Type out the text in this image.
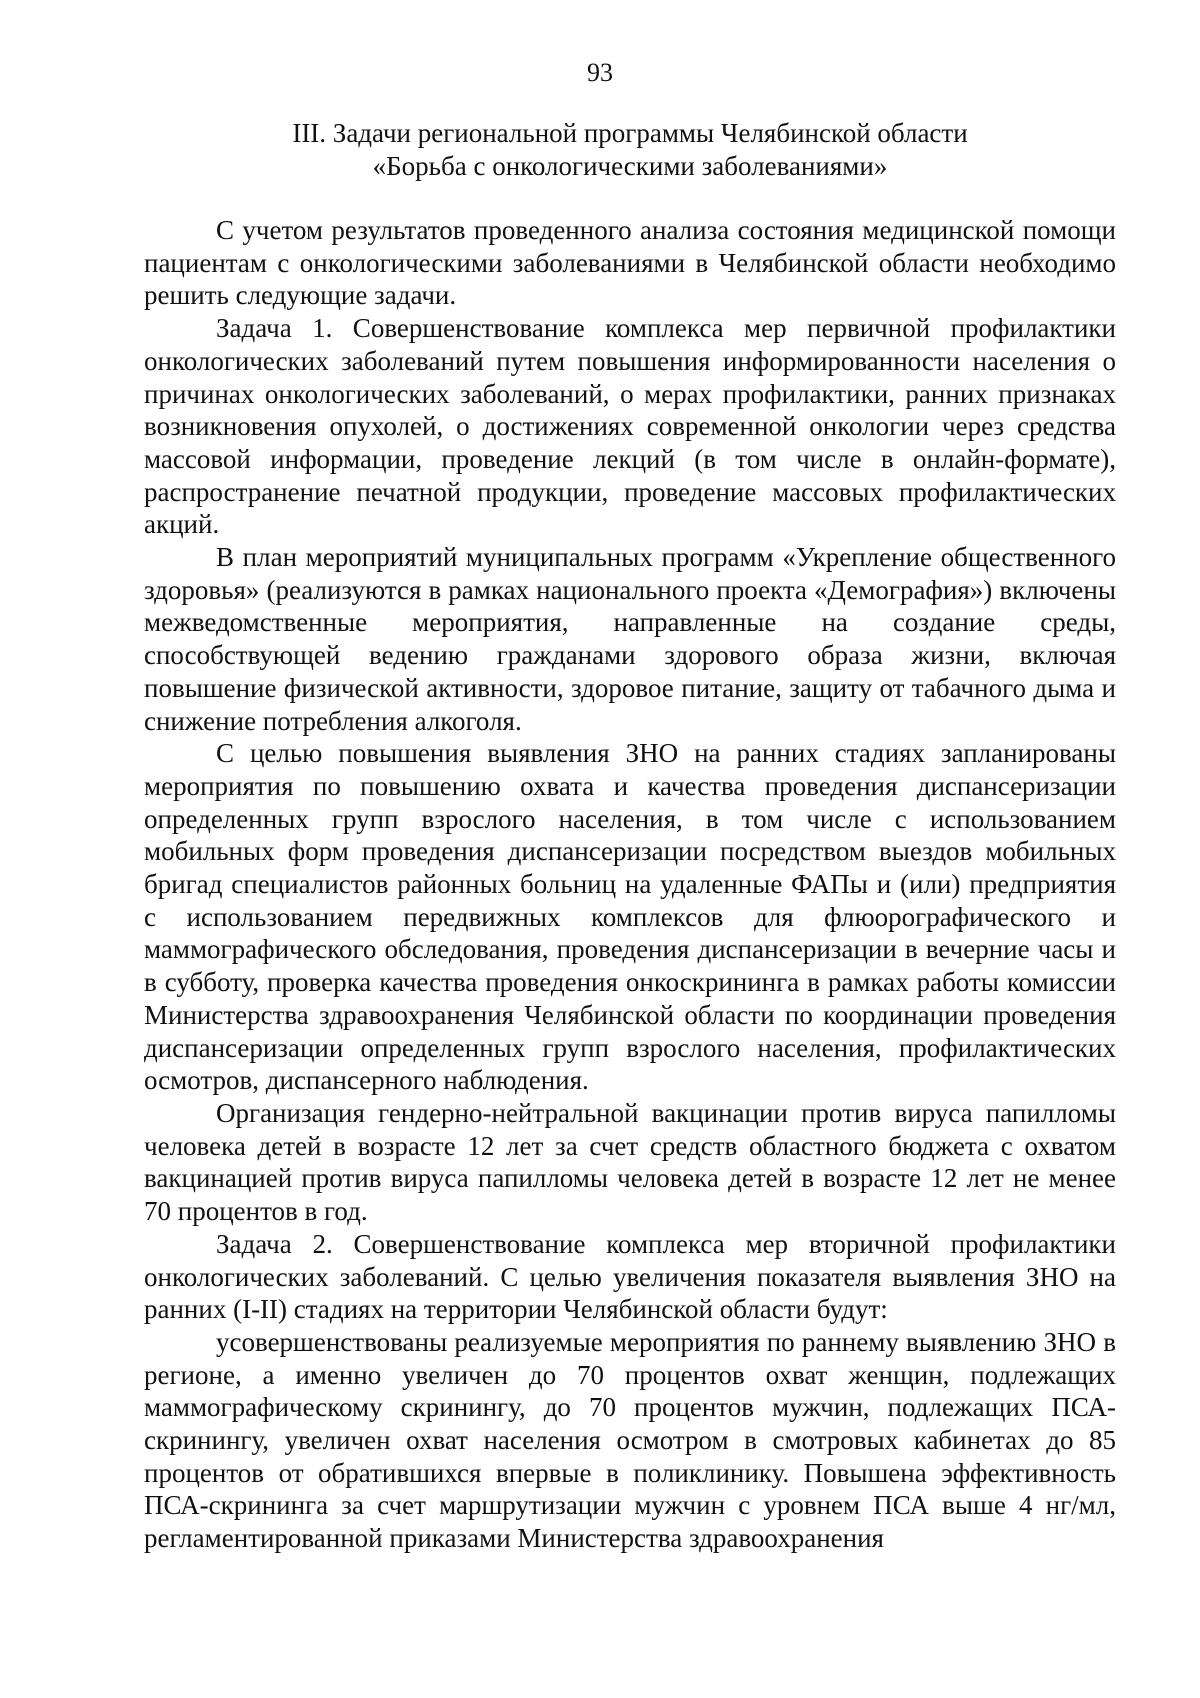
93
III. Задачи региональной программы Челябинской области
«Борьба с онкологическими заболеваниями»

С учетом результатов проведенного анализа состояния медицинской помощи пациентам с онкологическими заболеваниями в Челябинской области необходимо решить следующие задачи.

Задача 1. Совершенствование комплекса мер первичной профилактики онкологических заболеваний путем повышения информированности населения о причинах онкологических заболеваний, о мерах профилактики, ранних признаках возникновения опухолей, о достижениях современной онкологии через средства массовой информации, проведение лекций (в том числе в онлайн-формате), распространение печатной продукции, проведение массовых профилактических акций.

В план мероприятий муниципальных программ «Укрепление общественного здоровья» (реализуются в рамках национального проекта «Демография») включены межведомственные мероприятия, направленные на создание среды, способствующей ведению гражданами здорового образа жизни, включая повышение физической активности, здоровое питание, защиту от табачного дыма и снижение потребления алкоголя.

С целью повышения выявления ЗНО на ранних стадиях запланированы мероприятия по повышению охвата и качества проведения диспансеризации определенных групп взрослого населения, в том числе с использованием мобильных форм проведения диспансеризации посредством выездов мобильных бригад специалистов районных больниц на удаленные ФАПы и (или) предприятия с использованием передвижных комплексов для флюорографического и маммографического обследования, проведения диспансеризации в вечерние часы и в субботу, проверка качества проведения онкоскрининга в рамках работы комиссии Министерства здравоохранения Челябинской области по координации проведения диспансеризации определенных групп взрослого населения, профилактических осмотров, диспансерного наблюдения.

Организация гендерно-нейтральной вакцинации против вируса папилломы человека детей в возрасте 12 лет за счет средств областного бюджета с охватом вакцинацией против вируса папилломы человека детей в возрасте 12 лет не менее 70 процентов в год.

Задача 2. Совершенствование комплекса мер вторичной профилактики онкологических заболеваний. С целью увеличения показателя выявления ЗНО на ранних (I-II) стадиях на территории Челябинской области будут:

усовершенствованы реализуемые мероприятия по раннему выявлению ЗНО в регионе, а именно увеличен до 70 процентов охват женщин, подлежащих маммографическому скринингу, до 70 процентов мужчин, подлежащих ПСА-скринингу, увеличен охват населения осмотром в смотровых кабинетах до 85 процентов от обратившихся впервые в поликлинику. Повышена эффективность ПСА-скрининга за счет маршрутизации мужчин с уровнем ПСА выше 4 нг/мл, регламентированной приказами Министерства здравоохранения
